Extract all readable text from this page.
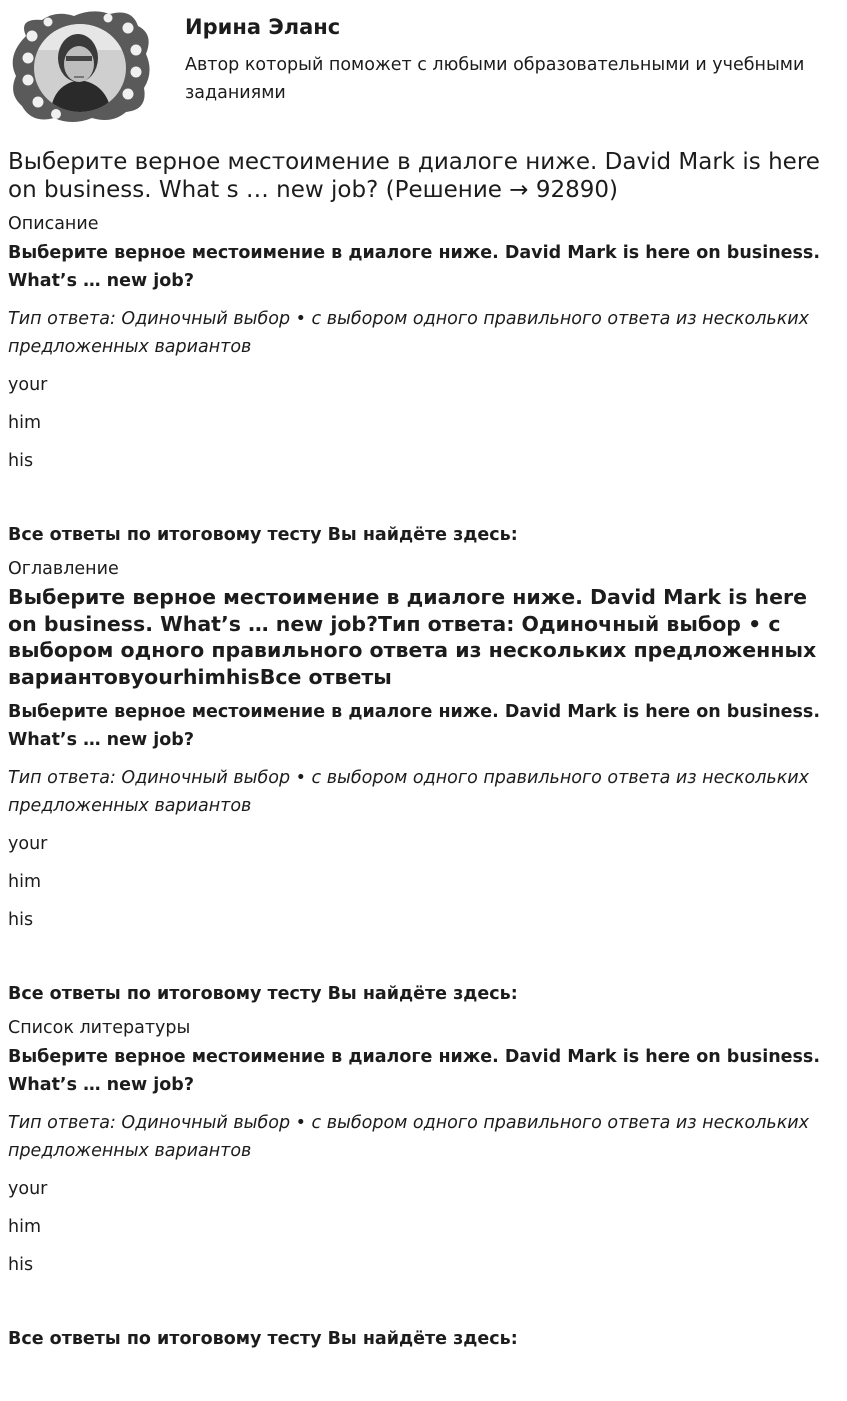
Ирина Эланс

Автор который поможет с любыми образовательными и учебными заданиями

Выберите верное местоимение в диалоге ниже. David Mark is here on business. What s … new job? (Решение → 92890)
Описание

Выберите верное местоимение в диалоге ниже. David Mark is here on business. What’s … new job?

Тип ответа: Одиночный выбор • с выбором одного правильного ответа из нескольких предложенных вариантов

your

him

his

Все ответы по итоговому тесту Вы найдёте здесь:

Оглавление
Выберите верное местоимение в диалоге ниже. David Mark is here on business. What’s … new job?Тип ответа: Одиночный выбор • с выбором одного правильного ответа из нескольких предложенных вариантовyourhimhisВсе ответы

Выберите верное местоимение в диалоге ниже. David Mark is here on business. What’s … new job?

Тип ответа: Одиночный выбор • с выбором одного правильного ответа из нескольких предложенных вариантов

your

him

his

Все ответы по итоговому тесту Вы найдёте здесь:

Список литературы

Выберите верное местоимение в диалоге ниже. David Mark is here on business. What’s … new job?

Тип ответа: Одиночный выбор • с выбором одного правильного ответа из нескольких предложенных вариантов

your

him

his

Все ответы по итоговому тесту Вы найдёте здесь:
